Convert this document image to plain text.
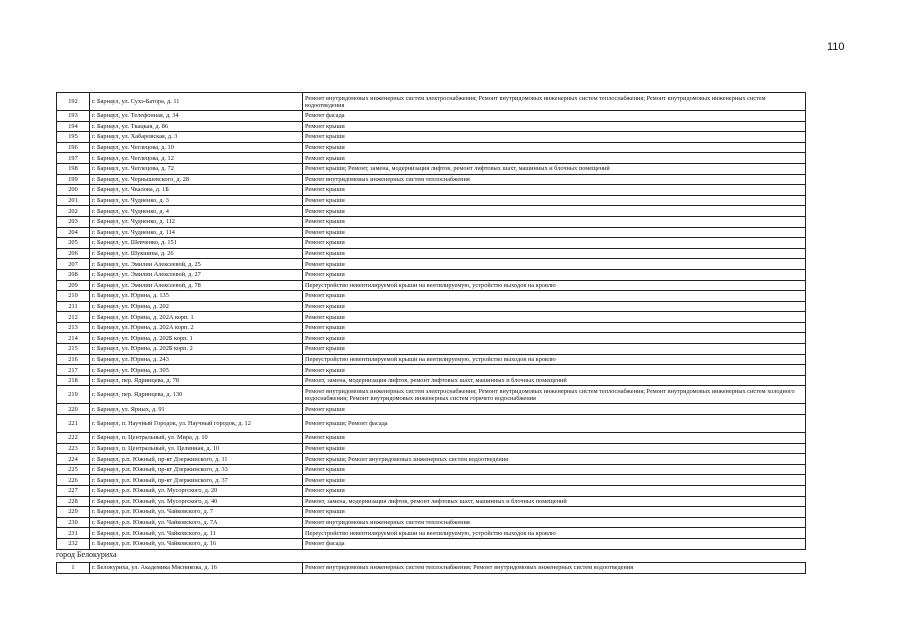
110
192	г. Барнаул, ул. Сухэ-Батора, д. 11	Ремонт внутридомовых инженерных систем электроснабжения; Ремонт внутридомовых инженерных систем теплоснабжения; Ремонт внутридомовых инженерных систем водоотведения
193	г. Барнаул, ул. Телефонная, д. 34	Ремонт фасада
194	г. Барнаул, ул. Ткацкая, д. 86	Ремонт крыши
195	г. Барнаул, ул. Хабаровская, д. 3	Ремонт крыши
196	г. Барнаул, ул. Чеглецова, д. 10	Ремонт крыши
197	г. Барнаул, ул. Чеглецова, д. 12	Ремонт крыши
198	г. Барнаул, ул. Чеглецова, д. 72	Ремонт крыши; Ремонт, замена, модернизация лифтов, ремонт лифтовых шахт, машинных и блочных помещений
199	г. Барнаул, ул. Чернышевского, д. 28	Ремонт внутридомовых инженерных систем теплоснабжения
200	г. Барнаул, ул. Чкалова, д. 1Б	Ремонт крыши
201	г. Барнаул, ул. Чудненко, д. 3	Ремонт крыши
202	г. Барнаул, ул. Чудненко, д. 4	Ремонт крыши
203	г. Барнаул, ул. Чудненко, д. 112	Ремонт крыши
204	г. Барнаул, ул. Чудненко, д. 114	Ремонт крыши
205	г. Барнаул, ул. Шевченко, д. 151	Ремонт крыши
206	г. Барнаул, ул. Шукшина, д. 26	Ремонт крыши
207	г. Барнаул, ул. Эмилии Алексеевой, д. 25	Ремонт крыши
208	г. Барнаул, ул. Эмилии Алексеевой, д. 27	Ремонт крыши
209	г. Барнаул, ул. Эмилии Алексеевой, д. 78	Переустройство невентилируемой крыши на вентилируемую, устройство выходов на кровлю
210	г. Барнаул, ул. Юрина, д. 135	Ремонт крыши
211	г. Барнаул, ул. Юрина, д. 202	Ремонт крыши
212	г. Барнаул, ул. Юрина, д. 202А корп. 1	Ремонт крыши
213	г. Барнаул, ул. Юрина, д. 202А корп. 2	Ремонт крыши
214	г. Барнаул, ул. Юрина, д. 202Б корп. 1	Ремонт крыши
215	г. Барнаул, ул. Юрина, д. 202Б корп. 2	Ремонт крыши
216	г. Барнаул, ул. Юрина, д. 243	Переустройство невентилируемой крыши на вентилируемую, устройство выходов на кровлю
217	г. Барнаул, ул. Юрина, д. 305	Ремонт крыши
218	г. Барнаул, пер. Ядринцева, д. 78	Ремонт, замена, модернизация лифтов, ремонт лифтовых шахт, машинных и блочных помещений
219	г. Барнаул, пер. Ядринцева, д. 130	Ремонт внутридомовых инженерных систем электроснабжения; Ремонт внутридомовых инженерных систем теплоснабжения; Ремонт внутридомовых инженерных систем холодного водоснабжения; Ремонт внутридомовых инженерных систем горячего водоснабжения
220	г. Барнаул, ул. Ярных, д. 91	Ремонт крыши
221	г. Барнаул, п. Научный Городок, ул. Научный городок, д. 12	Ремонт крыши; Ремонт фасада
222	г. Барнаул, п. Центральный, ул. Мира, д. 10	Ремонт крыши
223	г. Барнаул, п. Центральный, ул. Целинная, д. 10	Ремонт крыши
224	г. Барнаул, р.п. Южный, пр-кт Дзержинского, д. 11	Ремонт крыши; Ремонт внутридомовых инженерных систем водоотведения
225	г. Барнаул, р.п. Южный, пр-кт Дзержинского, д. 33	Ремонт крыши
226	г. Барнаул, р.п. Южный, пр-кт Дзержинского, д. 37	Ремонт крыши
227	г. Барнаул, р.п. Южный, ул. Мусоргского, д. 20	Ремонт крыши
228	г. Барнаул, р.п. Южный, ул. Мусоргского, д. 40	Ремонт, замена, модернизация лифтов, ремонт лифтовых шахт, машинных и блочных помещений
229	г. Барнаул, р.п. Южный, ул. Чайковского, д. 7	Ремонт крыши
230	г. Барнаул, р.п. Южный, ул. Чайковского, д. 7А	Ремонт внутридомовых инженерных систем теплоснабжения
231	г. Барнаул, р.п. Южный, ул. Чайковского, д. 11	Переустройство невентилируемой крыши на вентилируемую, устройство выходов на кровлю
232	г. Барнаул, р.п. Южный, ул. Чайковского, д. 16	Ремонт фасада
город Белокуриха
1	г. Белокуриха, ул. Академика Мясникова, д. 16	Ремонт внутридомовых инженерных систем теплоснабжения; Ремонт внутридомовых инженерных систем водоотведения
